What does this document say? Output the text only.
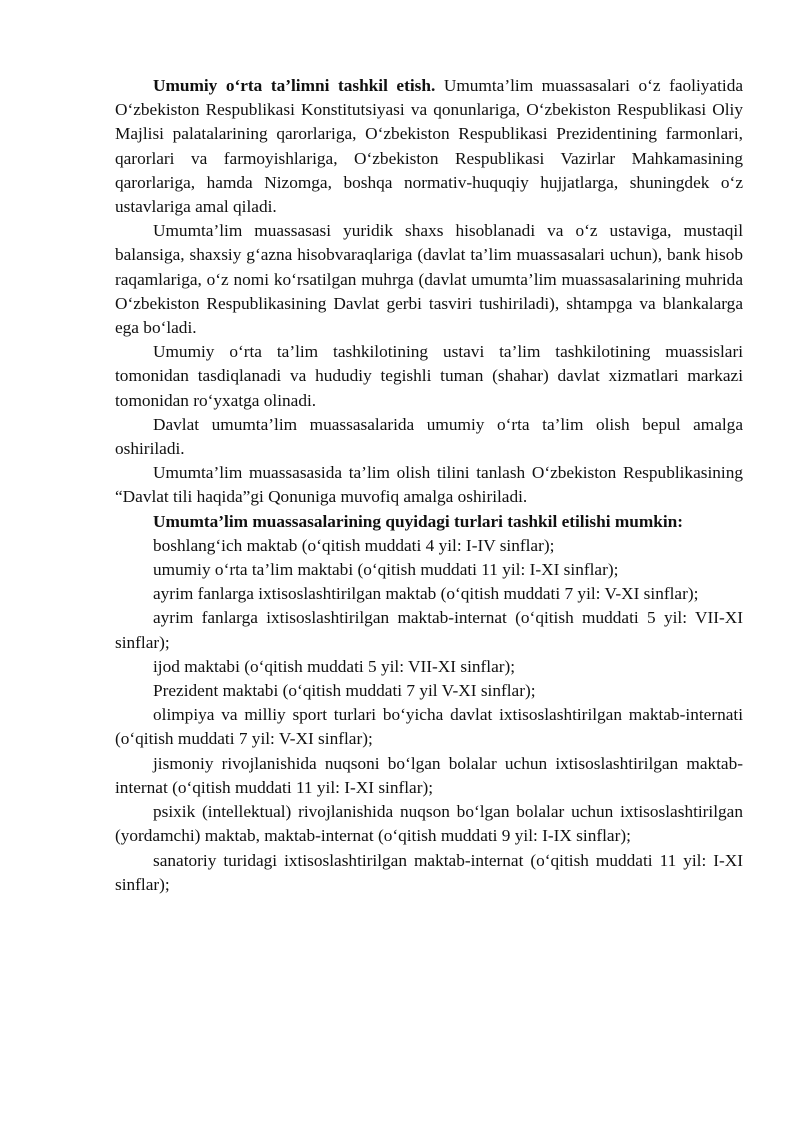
Umumiy o‘rta ta’limni tashkil etish. Umumta’lim muassasalari o‘z faoliyatida O‘zbekiston Respublikasi Konstitutsiyasi va qonunlariga, O‘zbekiston Respublikasi Oliy Majlisi palatalarining qarorlariga, O‘zbekiston Respublikasi Prezidentining farmonlari, qarorlari va farmoyishlariga, O‘zbekiston Respublikasi Vazirlar Mahkamasining qarorlariga, hamda Nizomga, boshqa normativ-huquqiy hujjatlarga, shuningdek o‘z ustavlariga amal qiladi.

Umumta’lim muassasasi yuridik shaxs hisoblanadi va o‘z ustaviga, mustaqil balansiga, shaxsiy g‘azna hisobvaraqlariga (davlat ta’lim muassasalari uchun), bank hisob raqamlariga, o‘z nomi ko‘rsatilgan muhrga (davlat umumta’lim muassasalarining muhrida O‘zbekiston Respublikasining Davlat gerbi tasviri tushiriladi), shtampga va blankalarga ega bo‘ladi.

Umumiy o‘rta ta’lim tashkilotining ustavi ta’lim tashkilotining muassislari tomonidan tasdiqlanadi va hududiy tegishli tuman (shahar) davlat xizmatlari markazi tomonidan ro‘yxatga olinadi.

Davlat umumta’lim muassasalarida umumiy o‘rta ta’lim olish bepul amalga oshiriladi.

Umumta’lim muassasasida ta’lim olish tilini tanlash O‘zbekiston Respublikasining “Davlat tili haqida”gi Qonuniga muvofiq amalga oshiriladi.

Umumta’lim muassasalarining quyidagi turlari tashkil etilishi mumkin:

boshlang‘ich maktab (o‘qitish muddati 4 yil: I-IV sinflar);

umumiy o‘rta ta’lim maktabi (o‘qitish muddati 11 yil: I-XI sinflar);

ayrim fanlarga ixtisoslashtirilgan maktab (o‘qitish muddati 7 yil: V-XI sinflar);

ayrim fanlarga ixtisoslashtirilgan maktab-internat (o‘qitish muddati 5 yil: VII-XI sinflar);

ijod maktabi (o‘qitish muddati 5 yil: VII-XI sinflar);

Prezident maktabi (o‘qitish muddati 7 yil V-XI sinflar);

olimpiya va milliy sport turlari bo‘yicha davlat ixtisoslashtirilgan maktab-internati (o‘qitish muddati 7 yil: V-XI sinflar);

jismoniy rivojlanishida nuqsoni bo‘lgan bolalar uchun ixtisoslashtirilgan maktab-internat (o‘qitish muddati 11 yil: I-XI sinflar);

psixik (intellektual) rivojlanishida nuqson bo‘lgan bolalar uchun ixtisoslashtirilgan (yordamchi) maktab, maktab-internat (o‘qitish muddati 9 yil: I-IX sinflar);

sanatoriy turidagi ixtisoslashtirilgan maktab-internat (o‘qitish muddati 11 yil: I-XI sinflar);
